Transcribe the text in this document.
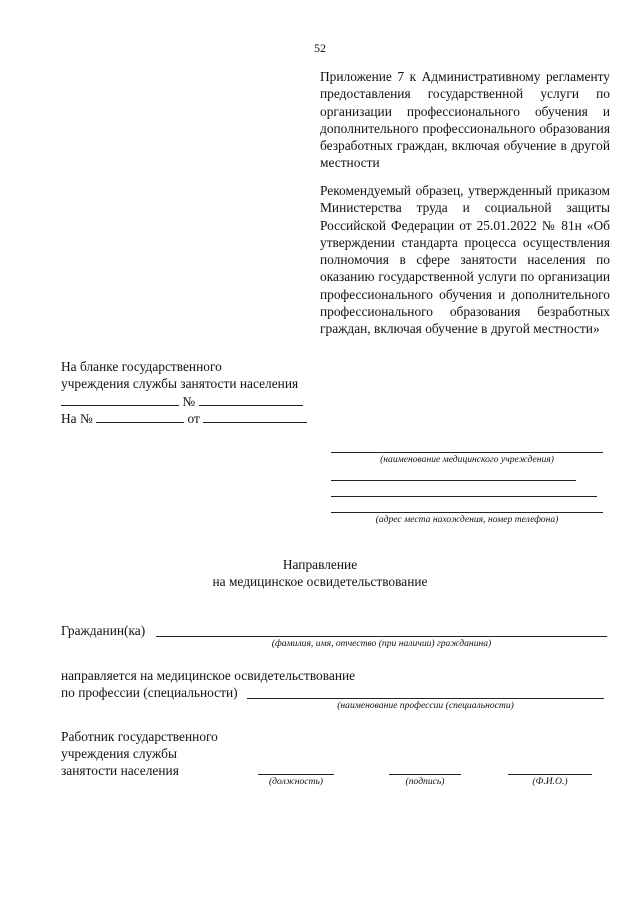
52
Приложение 7 к Административному регламенту предоставления государственной услуги по организации профессионального обучения и дополнительного профессионального образования безработных граждан, включая обучение в другой местности
Рекомендуемый образец, утвержденный приказом Министерства труда и социальной защиты Российской Федерации от 25.01.2022 № 81н «Об утверждении стандарта процесса осуществления полномочия в сфере занятости населения по оказанию государственной услуги по организации профессионального обучения и дополнительного профессионального образования безработных граждан, включая обучение в другой местности»
На бланке государственного
учреждения службы занятости населения
№
На №	от
(наименование медицинского учреждения)
(адрес места нахождения, номер телефона)
Направление
на медицинское освидетельствование
Гражданин(ка)
(фамилия, имя, отчество (при наличии) гражданина)
направляется на медицинское освидетельствование
по профессии (специальности)
(наименование профессии (специальности)
Работник государственного
учреждения службы
занятости населения
(должность)	(подпись)	(Ф.И.О.)
